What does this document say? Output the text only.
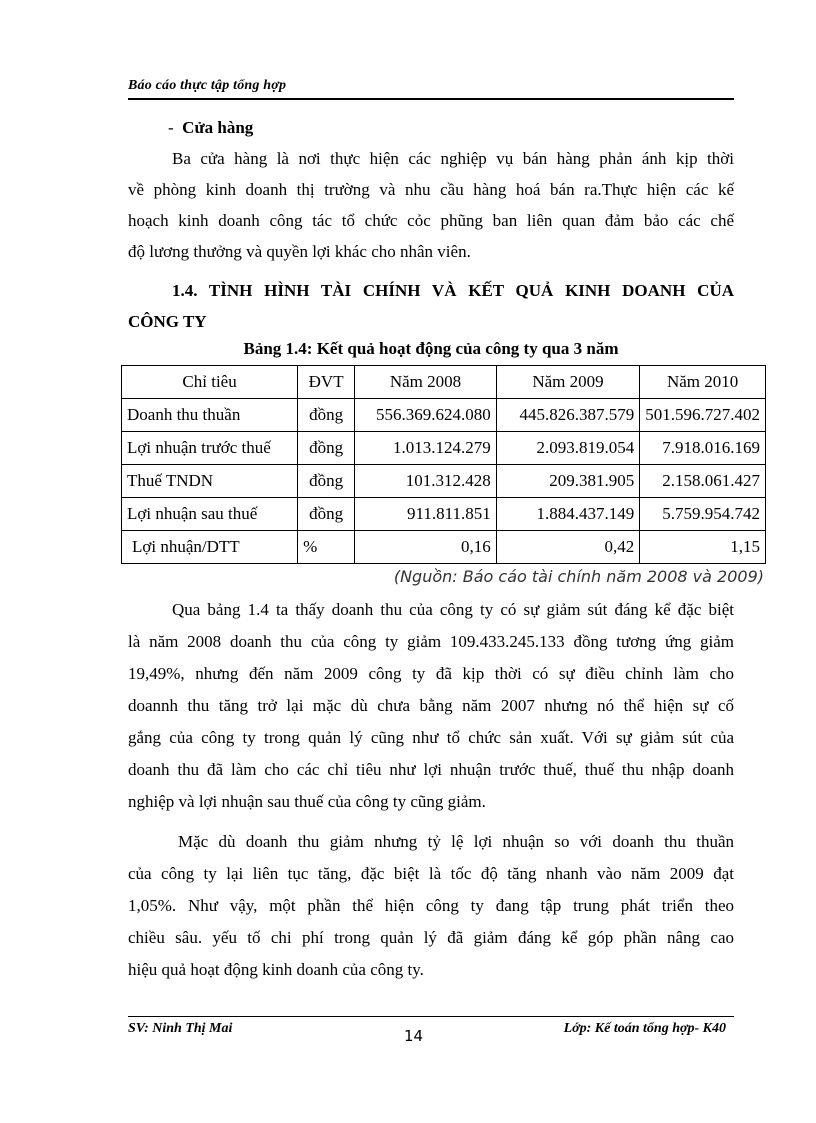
Báo cáo thực tập tổng hợp
- Cửa hàng
Ba cửa hàng là nơi thực hiện các nghiệp vụ bán hàng phản ánh kịp thời
về phòng kinh doanh thị trường và nhu cầu hàng hoá bán ra.Thực hiện các kế
hoạch kinh doanh công tác tổ chức cỏc phũng ban liên quan đảm bảo các chế
độ lương thưởng và quyền lợi khác cho nhân viên.
1.4. TÌNH HÌNH TÀI CHÍNH VÀ KẾT QUẢ KINH DOANH CỦA
CÔNG TY
Bảng 1.4: Kết quả hoạt động của công ty qua 3 năm
Chỉ tiêu	ĐVT	Năm 2008	Năm 2009	Năm 2010
Doanh thu thuần	đồng	556.369.624.080	445.826.387.579	501.596.727.402
Lợi nhuận trước thuế	đồng	1.013.124.279	2.093.819.054	7.918.016.169
Thuế TNDN	đồng	101.312.428	209.381.905	2.158.061.427
Lợi nhuận sau thuế	đồng	911.811.851	1.884.437.149	5.759.954.742
Lợi nhuận/DTT	%	0,16	0,42	1,15
(Nguồn: Báo cáo tài chính năm 2008 và 2009)
Qua bảng 1.4 ta thấy doanh thu của công ty có sự giảm sút đáng kể đặc biệt
là năm 2008 doanh thu của công ty giảm 109.433.245.133 đồng tương ứng giảm
19,49%, nhưng đến năm 2009 công ty đã kịp thời có sự điều chỉnh làm cho
doannh thu tăng trở lại mặc dù chưa bằng năm 2007 nhưng nó thể hiện sự cố
gắng của công ty trong quản lý cũng như tổ chức sản xuất. Với sự giảm sút của
doanh thu đã làm cho các chỉ tiêu như lợi nhuận trước thuế, thuế thu nhập doanh
nghiệp và lợi nhuận sau thuế của công ty cũng giảm.
Mặc dù doanh thu giảm nhưng tỷ lệ lợi nhuận so với doanh thu thuần
của công ty lại liên tục tăng, đặc biệt là tốc độ tăng nhanh vào năm 2009 đạt
1,05%. Như vậy, một phần thể hiện công ty đang tập trung phát triển theo
chiều sâu. yếu tố chi phí trong quản lý đã giảm đáng kể góp phần nâng cao
hiệu quả hoạt động kinh doanh của công ty.
SV: Ninh Thị Mai	14	Lớp: Kế toán tổng hợp- K40
